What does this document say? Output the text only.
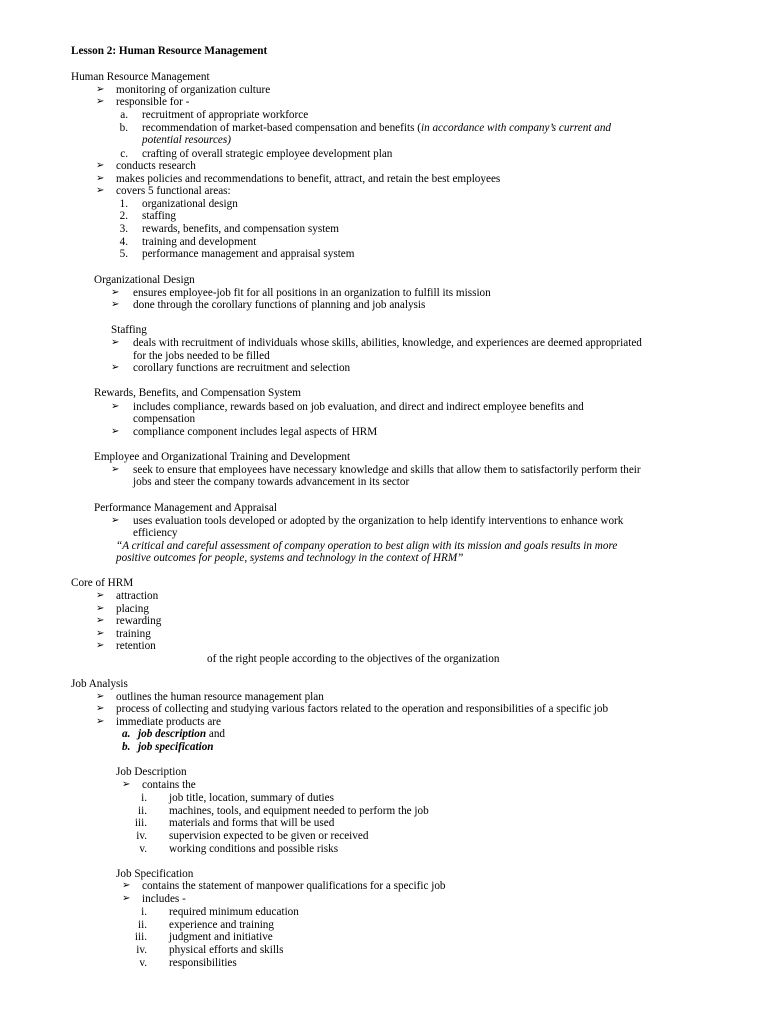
Lesson 2: Human Resource Management
Human Resource Management
➢ monitoring of organization culture
➢ responsible for -
a. recruitment of appropriate workforce
b. recommendation of market-based compensation and benefits (in accordance with company’s current and
potential resources)
c. crafting of overall strategic employee development plan
➢ conducts research
➢ makes policies and recommendations to benefit, attract, and retain the best employees
➢ covers 5 functional areas:
1. organizational design
2. staffing
3. rewards, benefits, and compensation system
4. training and development
5. performance management and appraisal system
Organizational Design
➢ ensures employee-job fit for all positions in an organization to fulfill its mission
➢ done through the corollary functions of planning and job analysis
Staffing
➢ deals with recruitment of individuals whose skills, abilities, knowledge, and experiences are deemed appropriated
for the jobs needed to be filled
➢ corollary functions are recruitment and selection
Rewards, Benefits, and Compensation System
➢ includes compliance, rewards based on job evaluation, and direct and indirect employee benefits and
compensation
➢ compliance component includes legal aspects of HRM
Employee and Organizational Training and Development
➢ seek to ensure that employees have necessary knowledge and skills that allow them to satisfactorily perform their
jobs and steer the company towards advancement in its sector
Performance Management and Appraisal
➢ uses evaluation tools developed or adopted by the organization to help identify interventions to enhance work
efficiency
“A critical and careful assessment of company operation to best align with its mission and goals results in more
positive outcomes for people, systems and technology in the context of HRM”
Core of HRM
➢ attraction
➢ placing
➢ rewarding
➢ training
➢ retention
of the right people according to the objectives of the organization
Job Analysis
➢ outlines the human resource management plan
➢ process of collecting and studying various factors related to the operation and responsibilities of a specific job
➢ immediate products are
a. job description and
b. job specification
Job Description
➢ contains the
i. job title, location, summary of duties
ii. machines, tools, and equipment needed to perform the job
iii. materials and forms that will be used
iv. supervision expected to be given or received
v. working conditions and possible risks
Job Specification
➢ contains the statement of manpower qualifications for a specific job
➢ includes -
i. required minimum education
ii. experience and training
iii. judgment and initiative
iv. physical efforts and skills
v. responsibilities
